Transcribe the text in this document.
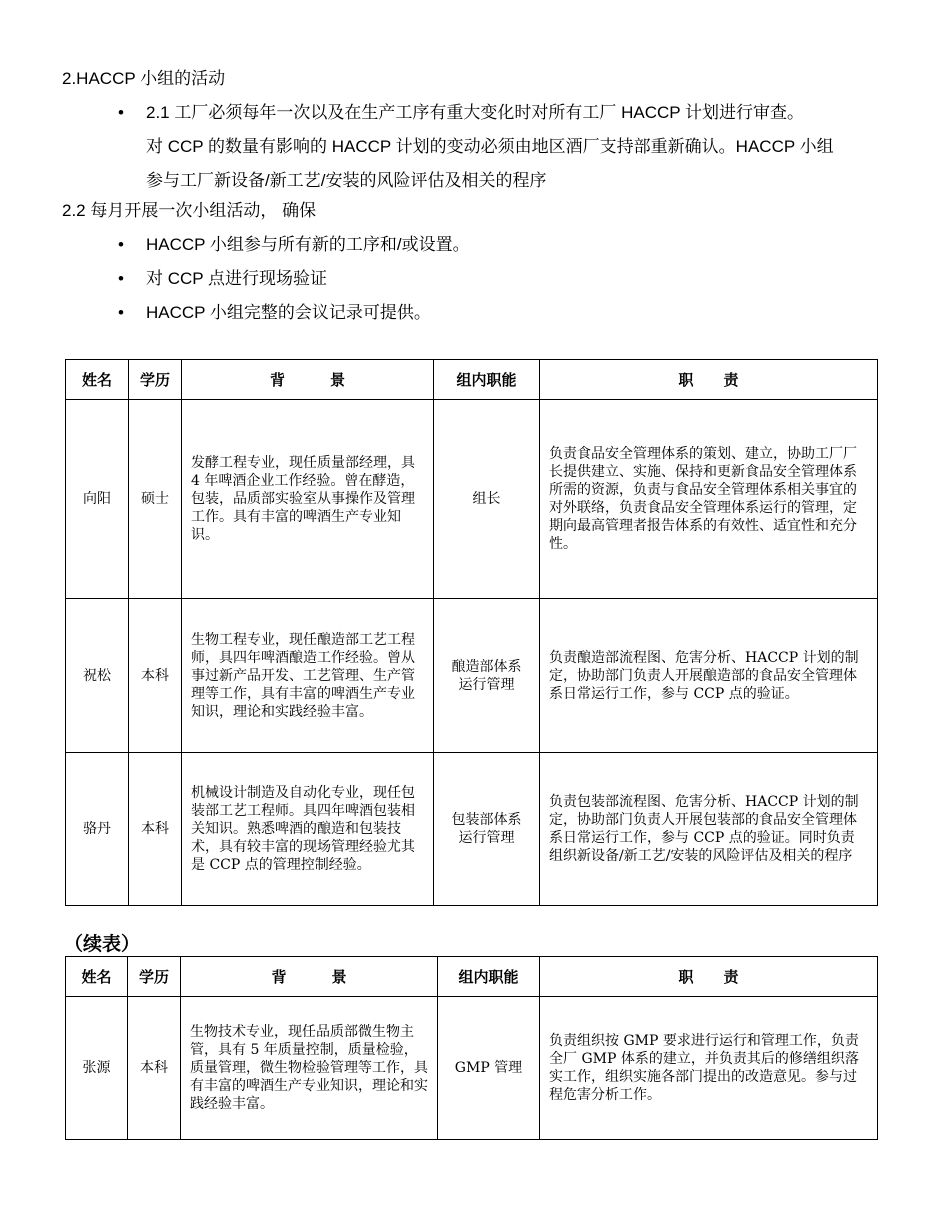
2.HACCP 小组的活动
• 2.1 工厂必须每年一次以及在生产工序有重大变化时对所有工厂 HACCP 计划进行审查。
对 CCP 的数量有影响的 HACCP 计划的变动必须由地区酒厂支持部重新确认。HACCP 小组
参与工厂新设备/新工艺/安装的风险评估及相关的程序
2.2 每月开展一次小组活动， 确保
• HACCP 小组参与所有新的工序和/或设置。
• 对 CCP 点进行现场验证
• HACCP 小组完整的会议记录可提供。
姓名	学历	背　　　景	组内职能	职　　责
向阳	硕士	发酵工程专业，现任质量部经理，具 4 年啤酒企业工作经验。曾在酵造，包装，品质部实验室从事操作及管理工作。具有丰富的啤酒生产专业知识。	组长	负责食品安全管理体系的策划、建立，协助工厂厂长提供建立、实施、保持和更新食品安全管理体系所需的资源，负责与食品安全管理体系相关事宜的对外联络，负责食品安全管理体系运行的管理，定期向最高管理者报告体系的有效性、适宜性和充分性。
祝松	本科	生物工程专业，现任酿造部工艺工程师，具四年啤酒酿造工作经验。曾从事过新产品开发、工艺管理、生产管理等工作，具有丰富的啤酒生产专业知识，理论和实践经验丰富。	酿造部体系运行管理	负责酿造部流程图、危害分析、HACCP 计划的制定，协助部门负责人开展酿造部的食品安全管理体系日常运行工作，参与 CCP 点的验证。
骆丹	本科	机械设计制造及自动化专业，现任包装部工艺工程师。具四年啤酒包装相关知识。熟悉啤酒的酿造和包装技术，具有较丰富的现场管理经验尤其是 CCP 点的管理控制经验。	包装部体系运行管理	负责包装部流程图、危害分析、HACCP 计划的制定，协助部门负责人开展包装部的食品安全管理体系日常运行工作，参与 CCP 点的验证。同时负责组织新设备/新工艺/安装的风险评估及相关的程序
（续表）
姓名	学历	背　　　景	组内职能	职　　责
张源	本科	生物技术专业，现任品质部微生物主管，具有 5 年质量控制，质量检验，质量管理，微生物检验管理等工作，具有丰富的啤酒生产专业知识，理论和实践经验丰富。	GMP 管理	负责组织按 GMP 要求进行运行和管理工作，负责全厂 GMP 体系的建立，并负责其后的修缮组织落实工作，组织实施各部门提出的改造意见。参与过程危害分析工作。
